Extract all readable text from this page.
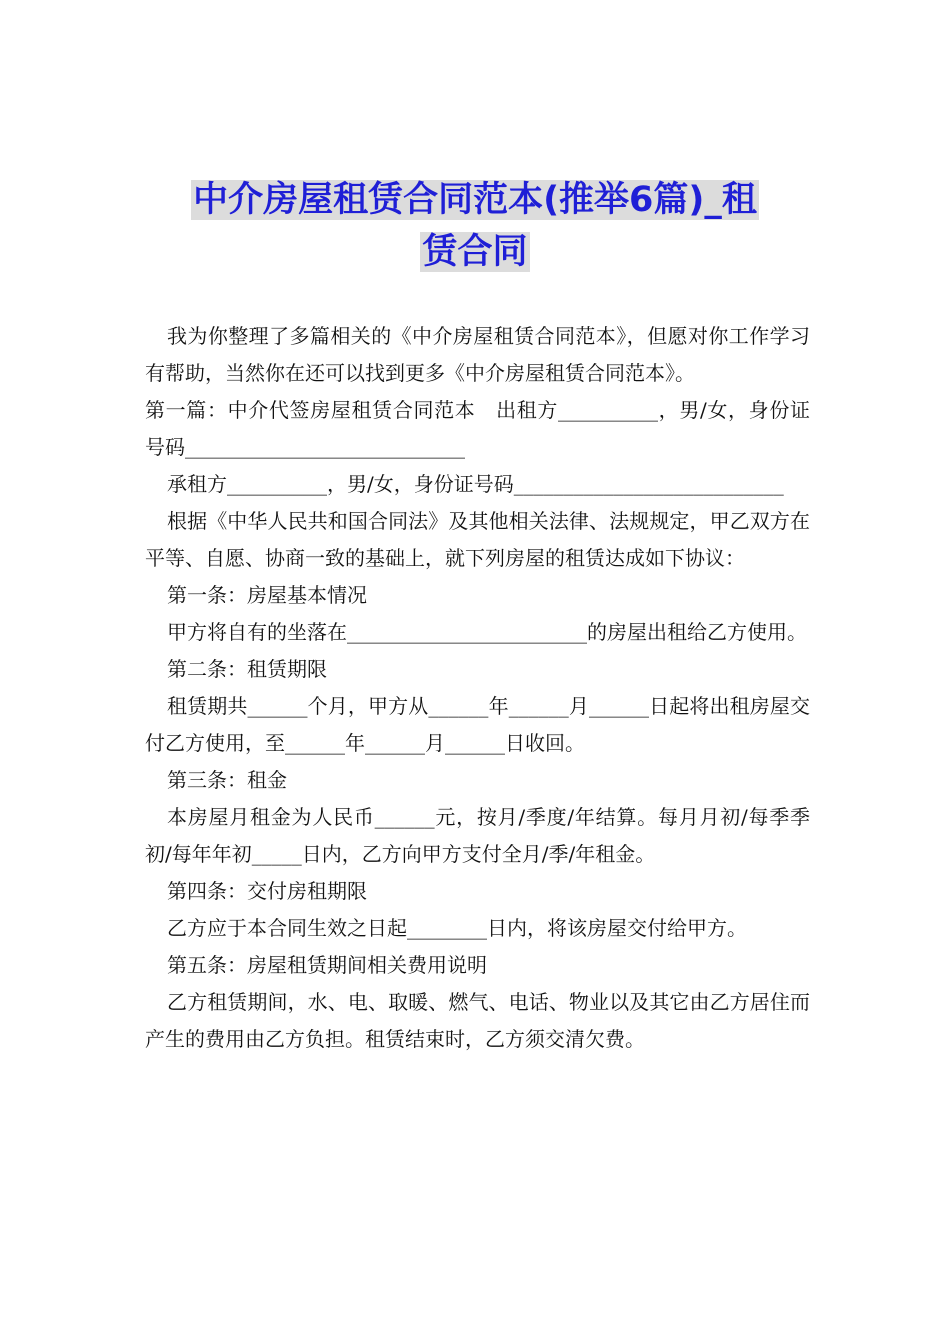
中介房屋租赁合同范本(推举6篇)_租
赁合同

我为你整理了多篇相关的《中介房屋租赁合同范本》，但愿对你工作学习有帮助，当然你在还可以找到更多《中介房屋租赁合同范本》。

第一篇：中介代签房屋租赁合同范本　出租方__________，男/女，身份证号码____________________________

承租方__________，男/女，身份证号码___________________________

根据《中华人民共和国合同法》及其他相关法律、法规规定，甲乙双方在平等、自愿、协商一致的基础上，就下列房屋的租赁达成如下协议：

第一条：房屋基本情况

甲方将自有的坐落在________________________的房屋出租给乙方使用。

第二条：租赁期限

租赁期共______个月，甲方从______年______月______日起将出租房屋交付乙方使用，至______年______月______日收回。

第三条：租金

本房屋月租金为人民币______元，按月/季度/年结算。每月月初/每季季初/每年年初_____日内，乙方向甲方支付全月/季/年租金。

第四条：交付房租期限

乙方应于本合同生效之日起________日内，将该房屋交付给甲方。

第五条：房屋租赁期间相关费用说明

乙方租赁期间，水、电、取暖、燃气、电话、物业以及其它由乙方居住而产生的费用由乙方负担。租赁结束时，乙方须交清欠费。
